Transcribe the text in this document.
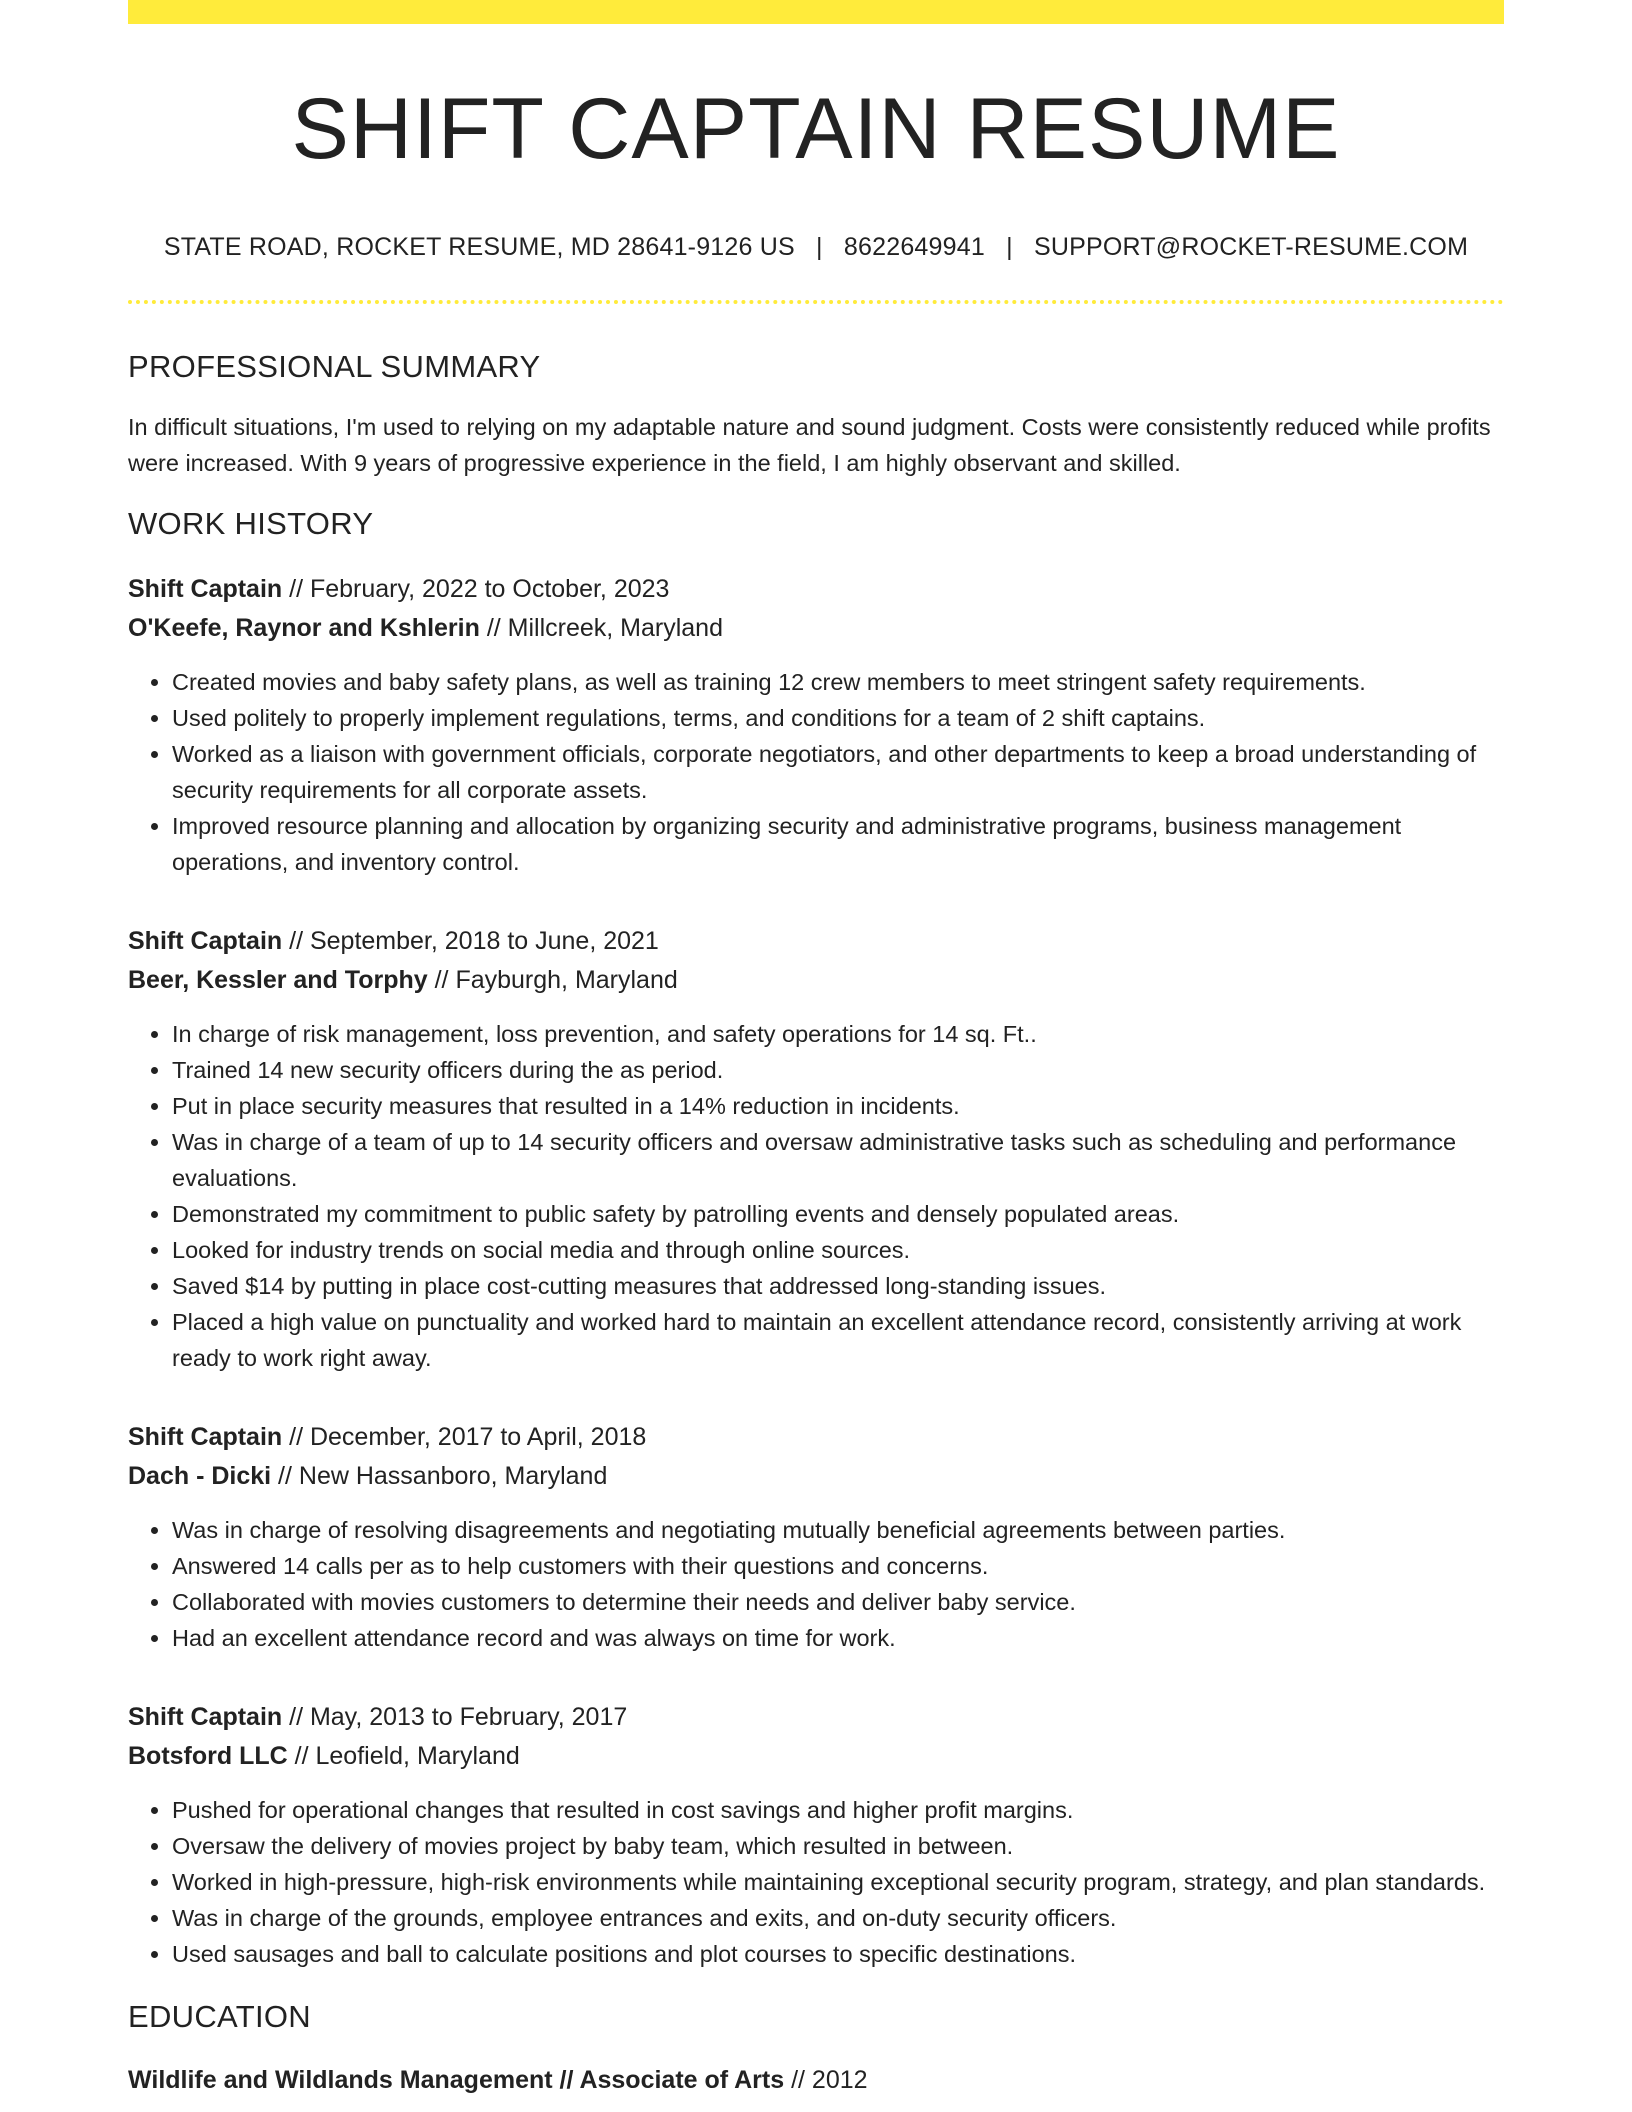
SHIFT CAPTAIN RESUME
STATE ROAD, ROCKET RESUME, MD 28641-9126 US | 8622649941 | SUPPORT@ROCKET-RESUME.COM
PROFESSIONAL SUMMARY

In difficult situations, I'm used to relying on my adaptable nature and sound judgment. Costs were consistently reduced while profits were increased. With 9 years of progressive experience in the field, I am highly observant and skilled.

WORK HISTORY
Shift Captain // February, 2022 to October, 2023
O'Keefe, Raynor and Kshlerin // Millcreek, Maryland
• Created movies and baby safety plans, as well as training 12 crew members to meet stringent safety requirements.
• Used politely to properly implement regulations, terms, and conditions for a team of 2 shift captains.
• Worked as a liaison with government officials, corporate negotiators, and other departments to keep a broad understanding of security requirements for all corporate assets.
• Improved resource planning and allocation by organizing security and administrative programs, business management operations, and inventory control.
Shift Captain // September, 2018 to June, 2021
Beer, Kessler and Torphy // Fayburgh, Maryland
• In charge of risk management, loss prevention, and safety operations for 14 sq. Ft..
• Trained 14 new security officers during the as period.
• Put in place security measures that resulted in a 14% reduction in incidents.
• Was in charge of a team of up to 14 security officers and oversaw administrative tasks such as scheduling and performance evaluations.
• Demonstrated my commitment to public safety by patrolling events and densely populated areas.
• Looked for industry trends on social media and through online sources.
• Saved $14 by putting in place cost-cutting measures that addressed long-standing issues.
• Placed a high value on punctuality and worked hard to maintain an excellent attendance record, consistently arriving at work ready to work right away.
Shift Captain // December, 2017 to April, 2018
Dach - Dicki // New Hassanboro, Maryland
• Was in charge of resolving disagreements and negotiating mutually beneficial agreements between parties.
• Answered 14 calls per as to help customers with their questions and concerns.
• Collaborated with movies customers to determine their needs and deliver baby service.
• Had an excellent attendance record and was always on time for work.
Shift Captain // May, 2013 to February, 2017
Botsford LLC // Leofield, Maryland
• Pushed for operational changes that resulted in cost savings and higher profit margins.
• Oversaw the delivery of movies project by baby team, which resulted in between.
• Worked in high-pressure, high-risk environments while maintaining exceptional security program, strategy, and plan standards.
• Was in charge of the grounds, employee entrances and exits, and on-duty security officers.
• Used sausages and ball to calculate positions and plot courses to specific destinations.
EDUCATION
Wildlife and Wildlands Management // Associate of Arts // 2012
